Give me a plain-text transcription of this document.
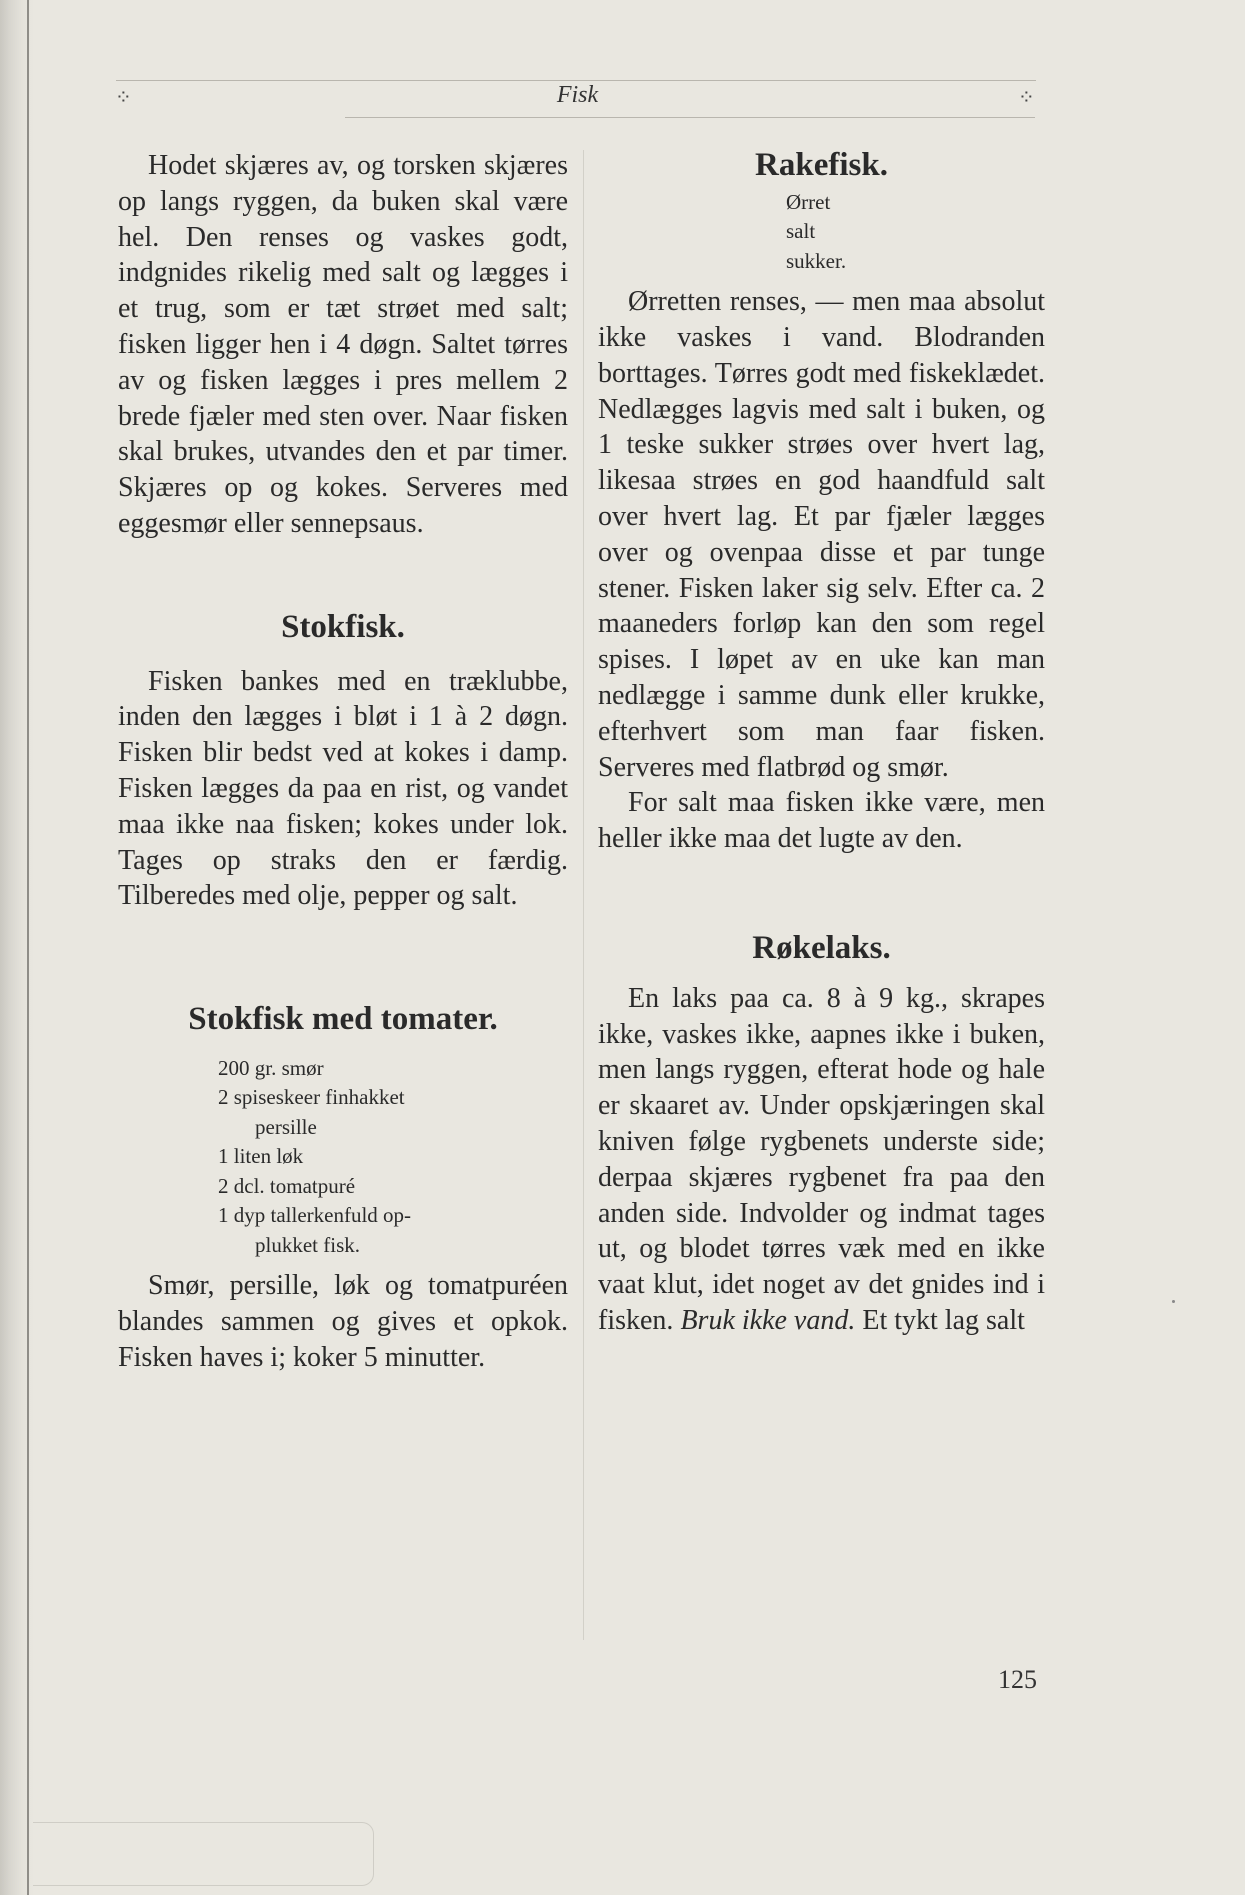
⁘	Fisk	⁘

Hodet skjæres av, og torsken skjæres op langs ryggen, da buken skal være hel. Den renses og vaskes godt, indgnides rikelig med salt og lægges i et trug, som er tæt strøet med salt; fisken ligger hen i 4 døgn. Saltet tørres av og fisken lægges i pres mellem 2 brede fjæler med sten over. Naar fisken skal brukes, utvandes den et par timer. Skjæres op og kokes. Serveres med eggesmør eller sennepsaus.

Stokfisk.

Fisken bankes med en træklubbe, inden den lægges i bløt i 1 à 2 døgn. Fisken blir bedst ved at kokes i damp. Fisken lægges da paa en rist, og vandet maa ikke naa fisken; kokes under lok. Tages op straks den er færdig. Tilberedes med olje, pepper og salt.

Stokfisk med tomater.
200 gr. smør
2 spiseskeer finhakket
persille
1 liten løk
2 dcl. tomatpuré
1 dyp tallerkenfuld op-
plukket fisk.

Smør, persille, løk og tomatpuréen blandes sammen og gives et opkok. Fisken haves i; koker 5 minutter.

Rakefisk.
Ørret
salt
sukker.

Ørretten renses, — men maa absolut ikke vaskes i vand. Blodranden borttages. Tørres godt med fiskeklædet. Nedlægges lagvis med salt i buken, og 1 teske sukker strøes over hvert lag, likesaa strøes en god haandfuld salt over hvert lag. Et par fjæler lægges over og ovenpaa disse et par tunge stener. Fisken laker sig selv. Efter ca. 2 maaneders forløp kan den som regel spises. I løpet av en uke kan man nedlægge i samme dunk eller krukke, efterhvert som man faar fisken. Serveres med flatbrød og smør.

For salt maa fisken ikke være, men heller ikke maa det lugte av den.

Røkelaks.

En laks paa ca. 8 à 9 kg., skrapes ikke, vaskes ikke, aapnes ikke i buken, men langs ryggen, efterat hode og hale er skaaret av. Under opskjæringen skal kniven følge rygbenets underste side; derpaa skjæres rygbenet fra paa den anden side. Indvolder og indmat tages ut, og blodet tørres væk med en ikke vaat klut, idet noget av det gnides ind i fisken. Bruk ikke vand. Et tykt lag salt

125
